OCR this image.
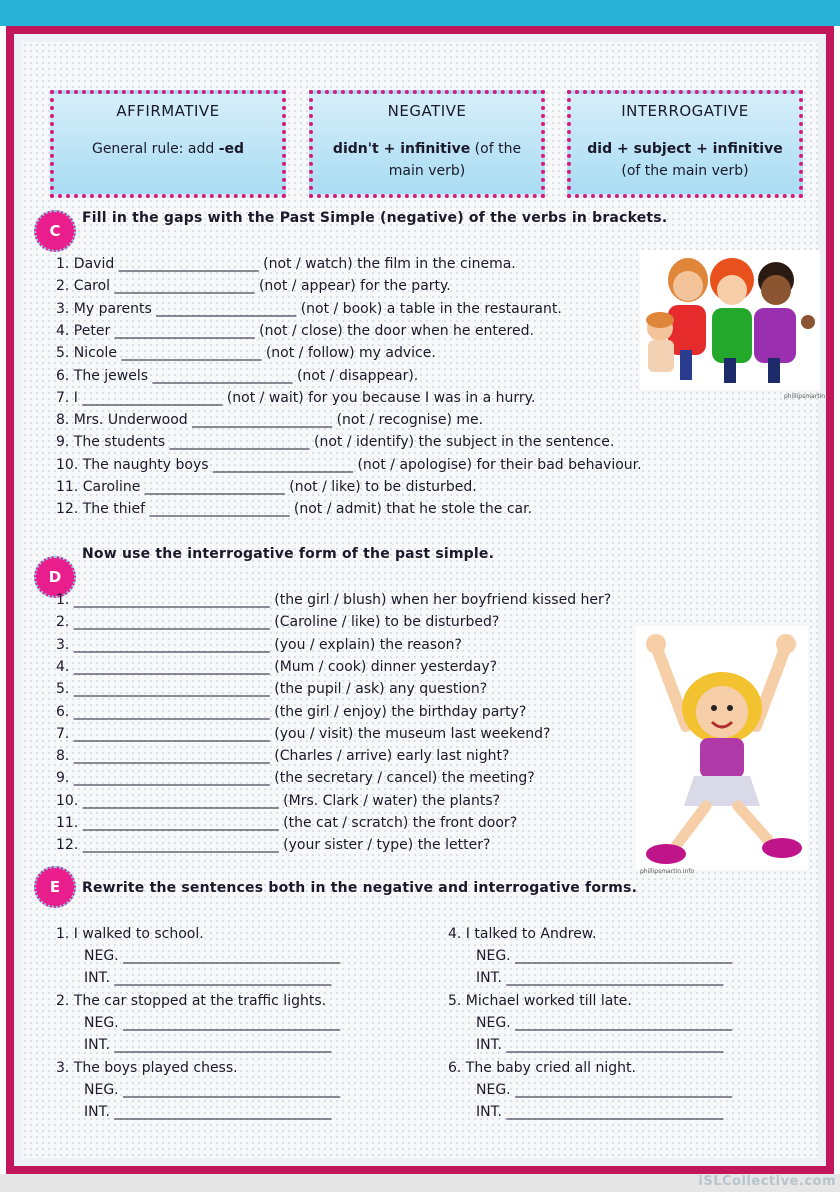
AFFIRMATIVE
General rule: add -ed
NEGATIVE
didn't + infinitive (of the
main verb)
INTERROGATIVE
did + subject + infinitive
(of the main verb)
C
Fill in the gaps with the Past Simple (negative) of the verbs in brackets.
1. David ____________________ (not / watch) the film in the cinema.
2. Carol ____________________ (not / appear) for the party.
3. My parents ____________________ (not / book) a table in the restaurant.
4. Peter ____________________ (not / close) the door when he entered.
5. Nicole ____________________ (not / follow) my advice.
6. The jewels ____________________ (not / disappear).
7. I ____________________ (not / wait) for you because I was in a hurry.
8. Mrs. Underwood ____________________ (not / recognise) me.
9. The students ____________________ (not / identify) the subject in the sentence.
10. The naughty boys ____________________ (not / apologise) for their bad behaviour.
11. Caroline ____________________ (not / like) to be disturbed.
12. The thief ____________________ (not / admit) that he stole the car.
phillipsmartin
D
Now use the interrogative form of the past simple.
1. ____________________________ (the girl / blush) when her boyfriend kissed her?
2. ____________________________ (Caroline / like) to be disturbed?
3. ____________________________ (you / explain) the reason?
4. ____________________________ (Mum / cook) dinner yesterday?
5. ____________________________ (the pupil / ask) any question?
6. ____________________________ (the girl / enjoy) the birthday party?
7. ____________________________ (you / visit) the museum last weekend?
8. ____________________________ (Charles / arrive) early last night?
9. ____________________________ (the secretary / cancel) the meeting?
10. ____________________________ (Mrs. Clark / water) the plants?
11. ____________________________ (the cat / scratch) the front door?
12. ____________________________ (your sister / type) the letter?
phillipsmartin.info
E	Rewrite the sentences both in the negative and interrogative forms.
1. I walked to school.
NEG. _______________________________
INT. _______________________________
2. The car stopped at the traffic lights.
NEG. _______________________________
INT. _______________________________
3. The boys played chess.
NEG. _______________________________
INT. _______________________________
4. I talked to Andrew.
NEG. _______________________________
INT. _______________________________
5. Michael worked till late.
NEG. _______________________________
INT. _______________________________
6. The baby cried all night.
NEG. _______________________________
INT. _______________________________
iSLCollective.com
